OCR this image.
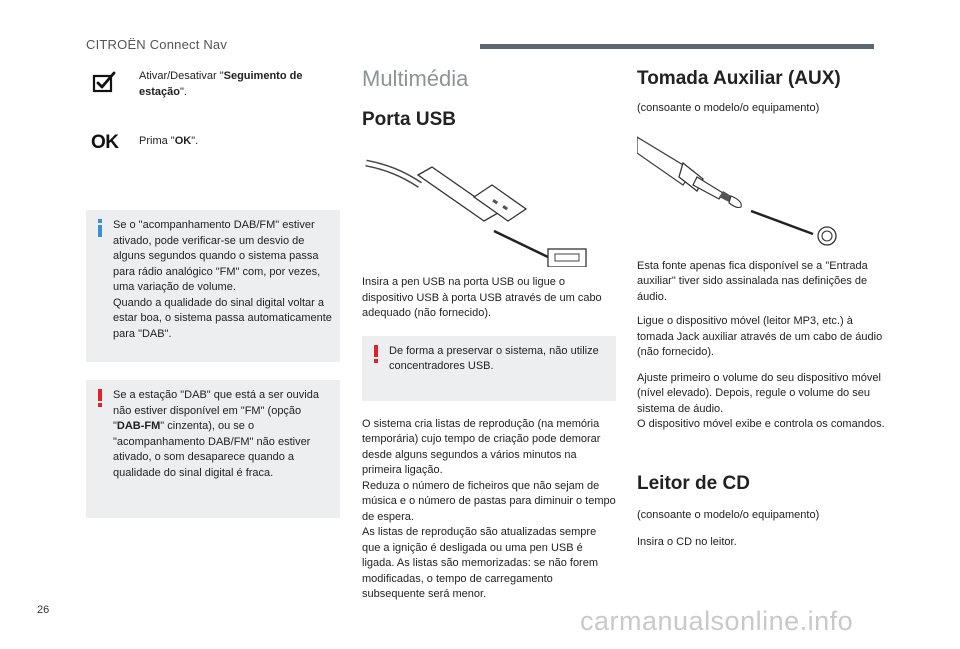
CITROËN Connect Nav

Ativar/Desativar "Seguimento de estação".

OK Prima "OK".

Se o "acompanhamento DAB/FM" estiver ativado, pode verificar-se um desvio de alguns segundos quando o sistema passa para rádio analógico "FM" com, por vezes, uma variação de volume.
Quando a qualidade do sinal digital voltar a estar boa, o sistema passa automaticamente para "DAB".

Se a estação "DAB" que está a ser ouvida não estiver disponível em "FM" (opção "DAB-FM" cinzenta), ou se o "acompanhamento DAB/FM" não estiver ativado, o som desaparece quando a qualidade do sinal digital é fraca.

Multimédia
Porta USB

Insira a pen USB na porta USB ou ligue o dispositivo USB à porta USB através de um cabo adequado (não fornecido).

De forma a preservar o sistema, não utilize concentradores USB.

O sistema cria listas de reprodução (na memória temporária) cujo tempo de criação pode demorar desde alguns segundos a vários minutos na primeira ligação.
Reduza o número de ficheiros que não sejam de música e o número de pastas para diminuir o tempo de espera.
As listas de reprodução são atualizadas sempre que a ignição é desligada ou uma pen USB é ligada. As listas são memorizadas: se não forem modificadas, o tempo de carregamento subsequente será menor.

Tomada Auxiliar (AUX)

(consoante o modelo/o equipamento)

Esta fonte apenas fica disponível se a "Entrada auxiliar" tiver sido assinalada nas definições de áudio.

Ligue o dispositivo móvel (leitor MP3, etc.) à tomada Jack auxiliar através de um cabo de áudio (não fornecido).

Ajuste primeiro o volume do seu dispositivo móvel (nível elevado). Depois, regule o volume do seu sistema de áudio.
O dispositivo móvel exibe e controla os comandos.

Leitor de CD

(consoante o modelo/o equipamento)

Insira o CD no leitor.

26	carmanualsonline.info
